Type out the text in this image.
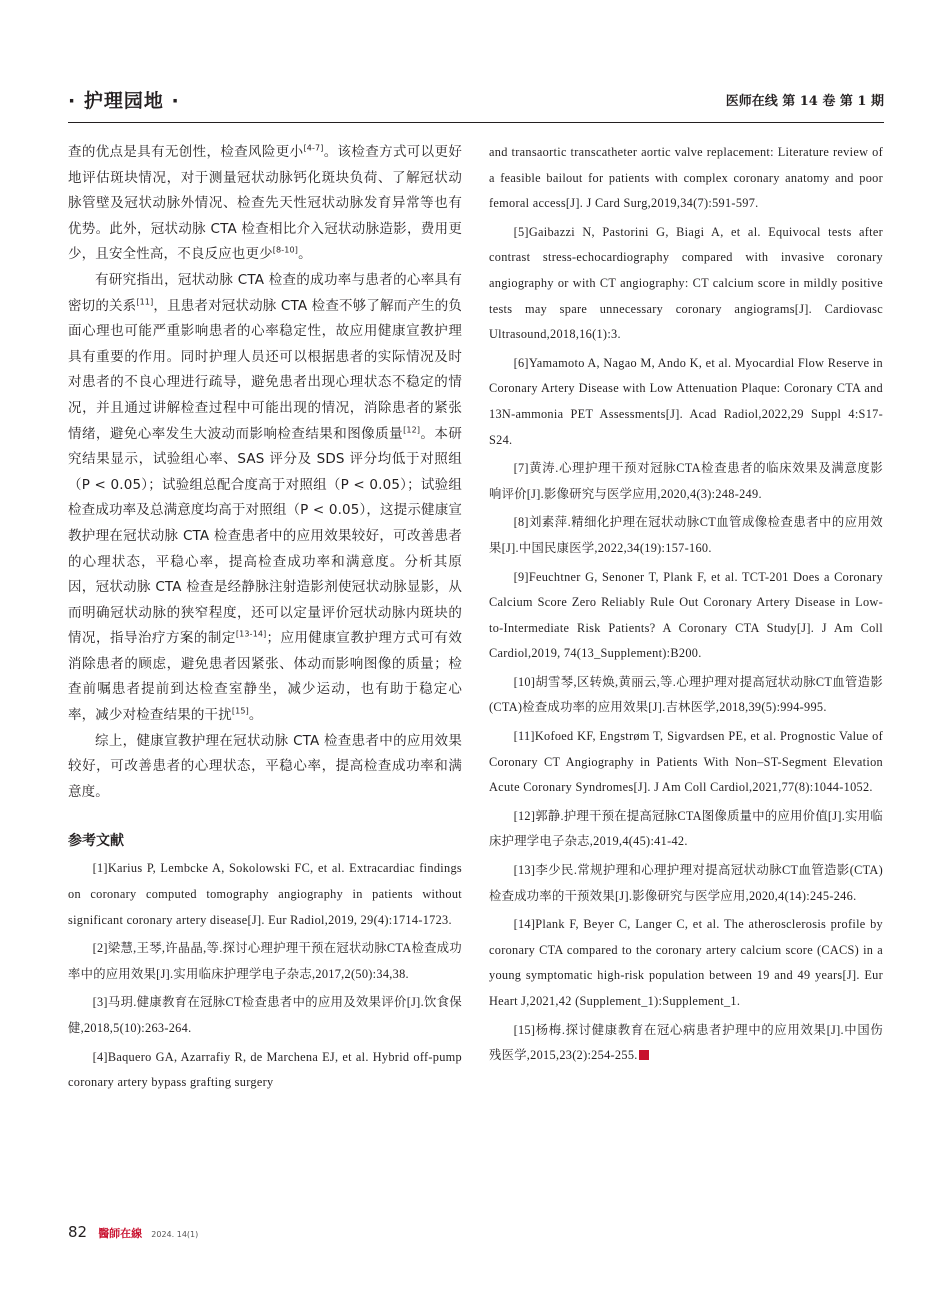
· 护理园地 ·	医师在线 第 14 卷 第 1 期

查的优点是具有无创性，检查风险更小[4-7]。该检查方式可以更好地评估斑块情况，对于测量冠状动脉钙化斑块负荷、了解冠状动脉管壁及冠状动脉外情况、检查先天性冠状动脉发育异常等也有优势。此外，冠状动脉 CTA 检查相比介入冠状动脉造影，费用更少，且安全性高，不良反应也更少[8-10]。

有研究指出，冠状动脉 CTA 检查的成功率与患者的心率具有密切的关系[11]，且患者对冠状动脉 CTA 检查不够了解而产生的负面心理也可能严重影响患者的心率稳定性，故应用健康宣教护理具有重要的作用。同时护理人员还可以根据患者的实际情况及时对患者的不良心理进行疏导，避免患者出现心理状态不稳定的情况，并且通过讲解检查过程中可能出现的情况，消除患者的紧张情绪，避免心率发生大波动而影响检查结果和图像质量[12]。本研究结果显示，试验组心率、SAS 评分及 SDS 评分均低于对照组（P < 0.05）；试验组总配合度高于对照组（P < 0.05）；试验组检查成功率及总满意度均高于对照组（P < 0.05），这提示健康宣教护理在冠状动脉 CTA 检查患者中的应用效果较好，可改善患者的心理状态，平稳心率，提高检查成功率和满意度。分析其原因，冠状动脉 CTA 检查是经静脉注射造影剂使冠状动脉显影，从而明确冠状动脉的狭窄程度，还可以定量评价冠状动脉内斑块的情况，指导治疗方案的制定[13-14]；应用健康宣教护理方式可有效消除患者的顾虑，避免患者因紧张、体动而影响图像的质量；检查前嘱患者提前到达检查室静坐，减少运动，也有助于稳定心率，减少对检查结果的干扰[15]。

综上，健康宣教护理在冠状动脉 CTA 检查患者中的应用效果较好，可改善患者的心理状态，平稳心率，提高检查成功率和满意度。

参考文献

[1]Karius P, Lembcke A, Sokolowski FC, et al. Extracardiac findings on coronary computed tomography angiography in patients without significant coronary artery disease[J]. Eur Radiol,2019, 29(4):1714-1723.

[2]梁慧,王琴,许晶晶,等.探讨心理护理干预在冠状动脉CTA检查成功率中的应用效果[J].实用临床护理学电子杂志,2017,2(50):34,38.

[3]马玥.健康教育在冠脉CT检查患者中的应用及效果评价[J].饮食保健,2018,5(10):263-264.

[4]Baquero GA, Azarrafiy R, de Marchena EJ, et al. Hybrid off‐pump coronary artery bypass grafting surgery

and transaortic transcatheter aortic valve replacement: Literature review of a feasible bailout for patients with complex coronary anatomy and poor femoral access[J]. J Card Surg,2019,34(7):591-597.

[5]Gaibazzi N, Pastorini G, Biagi A, et al. Equivocal tests after contrast stress-echocardiography compared with invasive coronary angiography or with CT angiography: CT calcium score in mildly positive tests may spare unnecessary coronary angiograms[J]. Cardiovasc Ultrasound,2018,16(1):3.

[6]Yamamoto A, Nagao M, Ando K, et al. Myocardial Flow Reserve in Coronary Artery Disease with Low Attenuation Plaque: Coronary CTA and 13N-ammonia PET Assessments[J]. Acad Radiol,2022,29 Suppl 4:S17-S24.

[7]黄涛.心理护理干预对冠脉CTA检查患者的临床效果及满意度影响评价[J].影像研究与医学应用,2020,4(3):248-249.

[8]刘素萍.精细化护理在冠状动脉CT血管成像检查患者中的应用效果[J].中国民康医学,2022,34(19):157-160.

[9]Feuchtner G, Senoner T, Plank F, et al. TCT-201 Does a Coronary Calcium Score Zero Reliably Rule Out Coronary Artery Disease in Low-to-Intermediate Risk Patients? A Coronary CTA Study[J]. J Am Coll Cardiol,2019, 74(13_Supplement):B200.

[10]胡雪琴,区转焕,黄丽云,等.心理护理对提高冠状动脉CT血管造影(CTA)检查成功率的应用效果[J].吉林医学,2018,39(5):994-995.

[11]Kofoed KF, Engstrøm T, Sigvardsen PE, et al. Prognostic Value of Coronary CT Angiography in Patients With Non–ST-Segment Elevation Acute Coronary Syndromes[J]. J Am Coll Cardiol,2021,77(8):1044-1052.

[12]郭静.护理干预在提高冠脉CTA图像质量中的应用价值[J].实用临床护理学电子杂志,2019,4(45):41-42.

[13]李少民.常规护理和心理护理对提高冠状动脉CT血管造影(CTA)检查成功率的干预效果[J].影像研究与医学应用,2020,4(14):245-246.

[14]Plank F, Beyer C, Langer C, et al. The atherosclerosis profile by coronary CTA compared to the coronary artery calcium score (CACS) in a young symptomatic high-risk population between 19 and 49 years[J]. Eur Heart J,2021,42 (Supplement_1):Supplement_1.

[15]杨梅.探讨健康教育在冠心病患者护理中的应用效果[J].中国伤残医学,2015,23(2):254-255.

82 醫師在線 2024. 14(1)
